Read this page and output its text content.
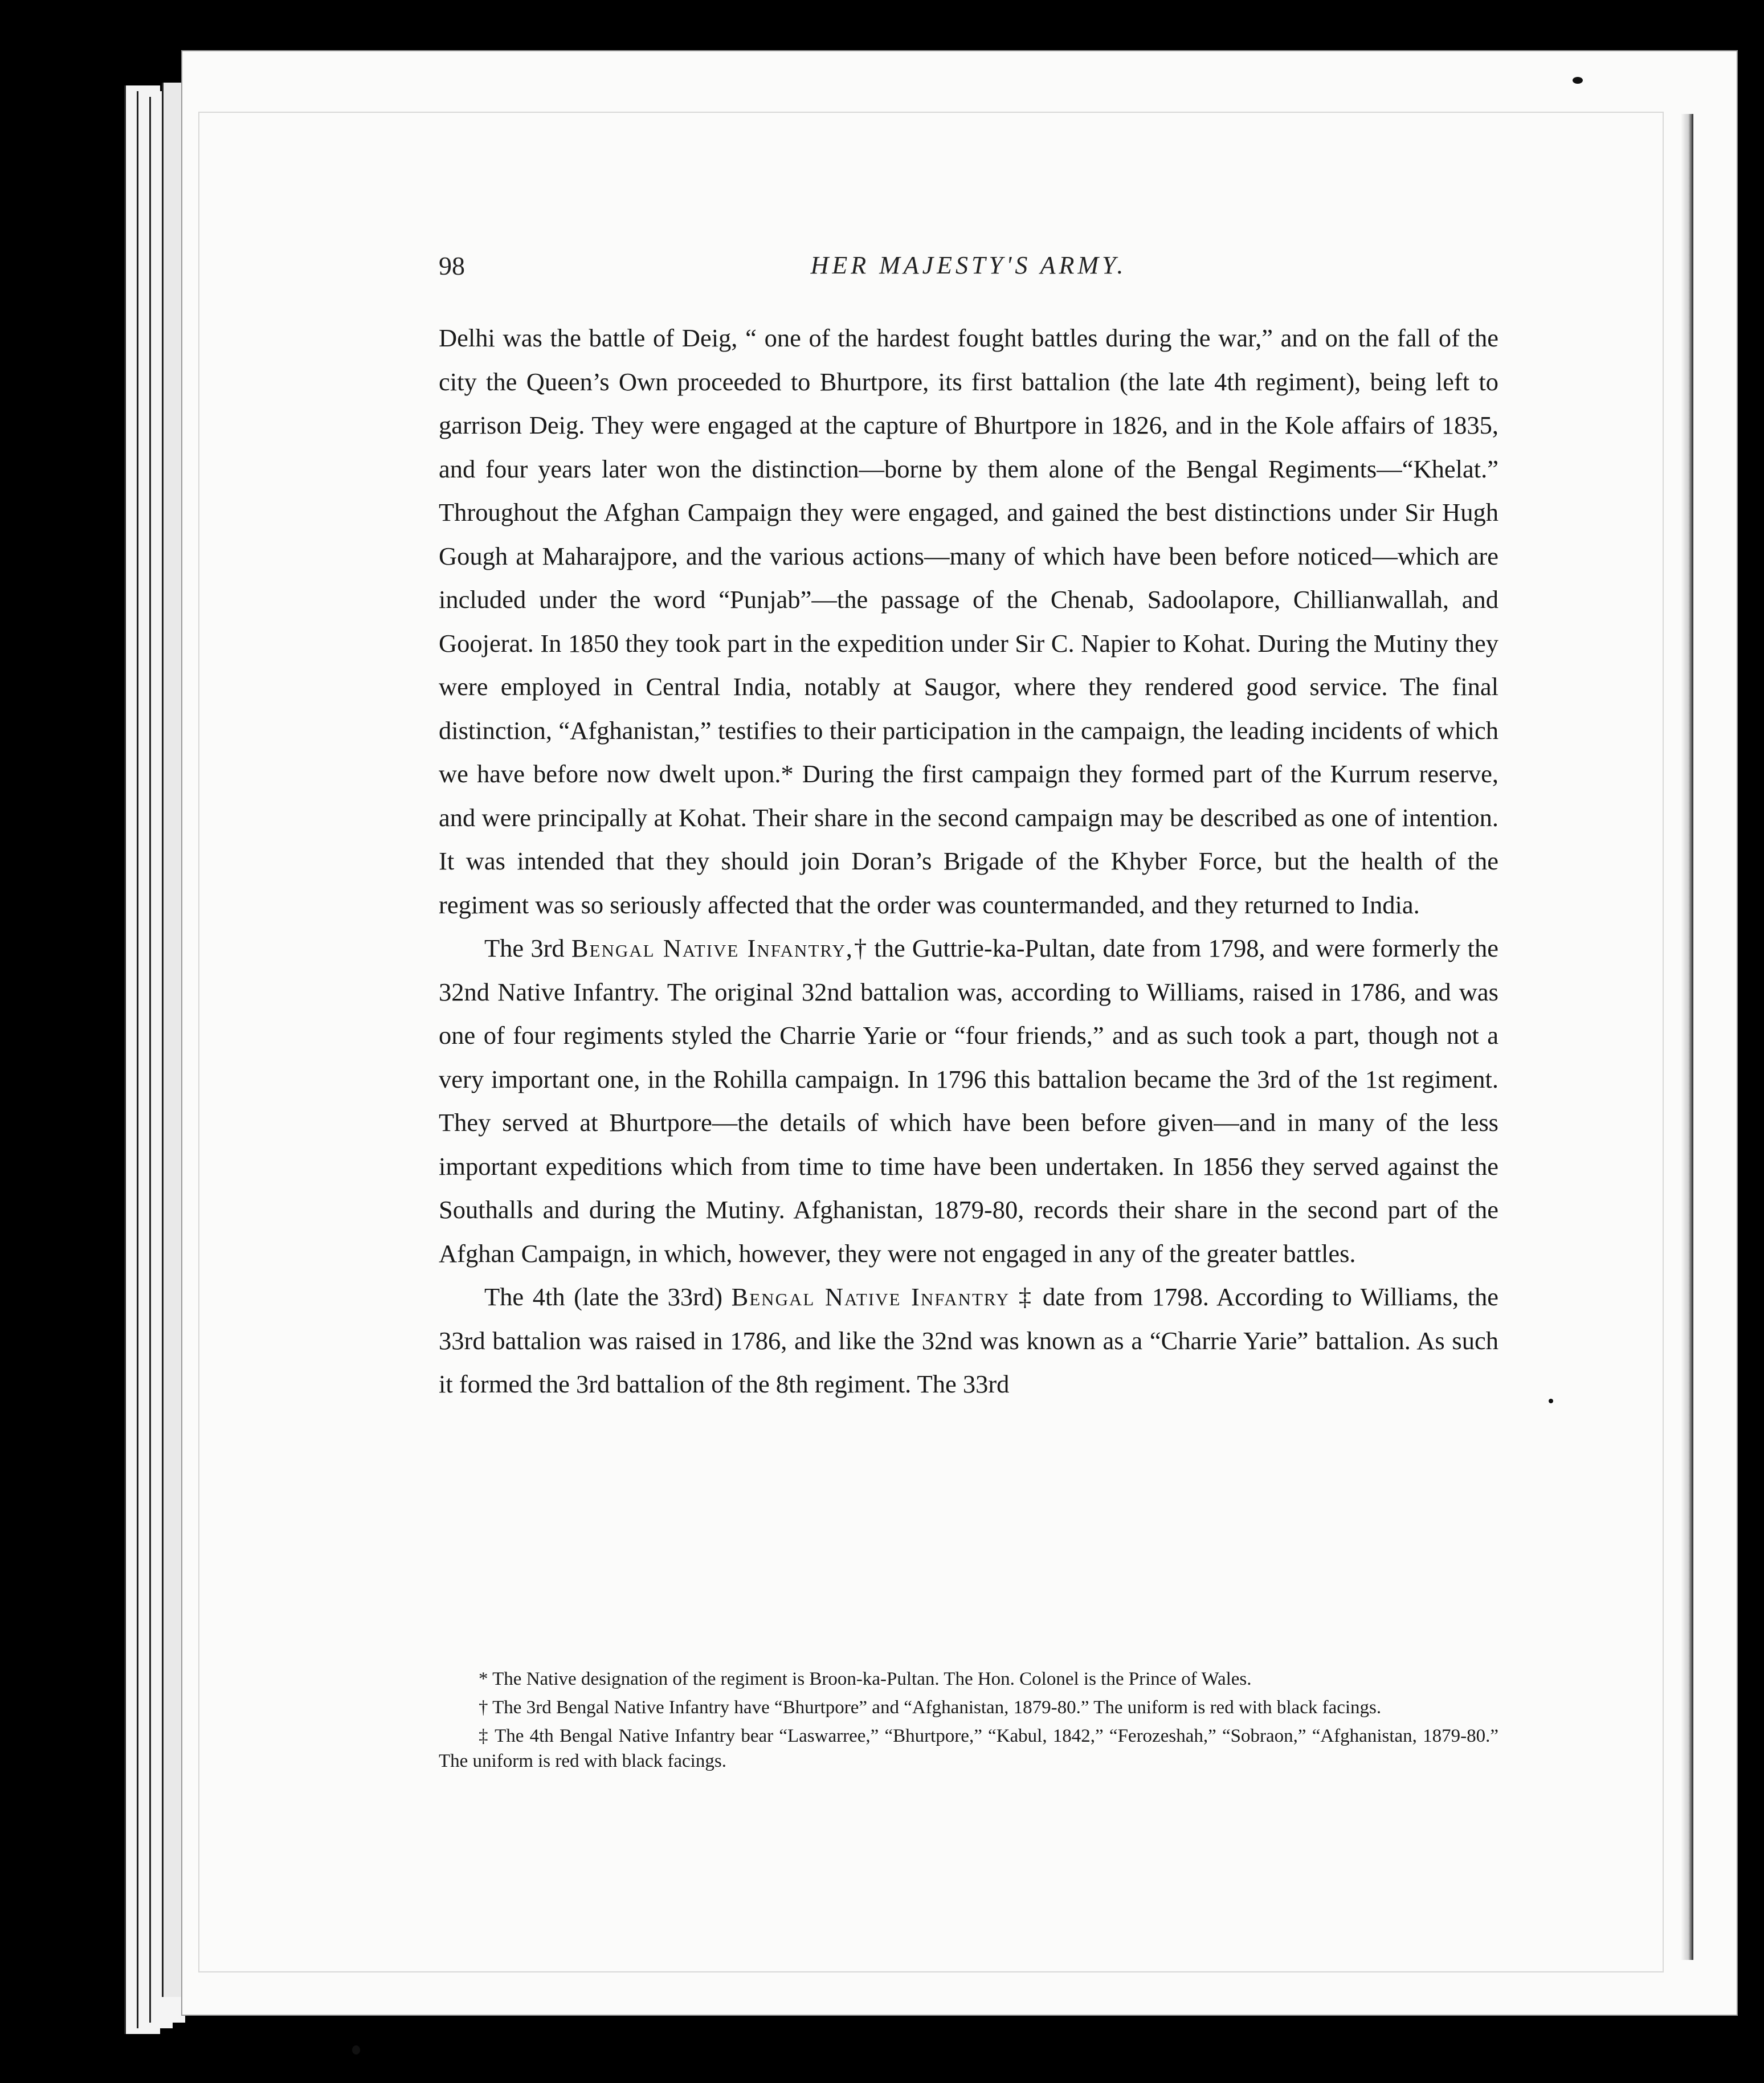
98	HER MAJESTY'S ARMY.

Delhi was the battle of Deig, “ one of the hardest fought battles during the war,” and on the fall of the city the Queen’s Own proceeded to Bhurtpore, its first battalion (the late 4th regiment), being left to garrison Deig. They were engaged at the capture of Bhurtpore in 1826, and in the Kole affairs of 1835, and four years later won the distinction—borne by them alone of the Bengal Regiments—“Khelat.” Throughout the Afghan Campaign they were engaged, and gained the best distinctions under Sir Hugh Gough at Maharajpore, and the various actions—many of which have been before noticed—which are included under the word “Punjab”—the passage of the Chenab, Sadoolapore, Chillianwallah, and Goojerat. In 1850 they took part in the expedition under Sir C. Napier to Kohat. During the Mutiny they were employed in Central India, notably at Saugor, where they rendered good service. The final distinction, “Afghanistan,” testifies to their participation in the campaign, the leading incidents of which we have before now dwelt upon.* During the first campaign they formed part of the Kurrum reserve, and were principally at Kohat. Their share in the second campaign may be described as one of intention. It was intended that they should join Doran’s Brigade of the Khyber Force, but the health of the regiment was so seriously affected that the order was countermanded, and they returned to India.

The 3rd Bengal Native Infantry,† the Guttrie-ka-Pultan, date from 1798, and were formerly the 32nd Native Infantry. The original 32nd battalion was, according to Williams, raised in 1786, and was one of four regiments styled the Charrie Yarie or “four friends,” and as such took a part, though not a very important one, in the Rohilla campaign. In 1796 this battalion became the 3rd of the 1st regiment. They served at Bhurtpore—the details of which have been before given—and in many of the less important expeditions which from time to time have been undertaken. In 1856 they served against the Southalls and during the Mutiny. Afghanistan, 1879-80, records their share in the second part of the Afghan Campaign, in which, however, they were not engaged in any of the greater battles.

The 4th (late the 33rd) Bengal Native Infantry ‡ date from 1798. According to Williams, the 33rd battalion was raised in 1786, and like the 32nd was known as a “Charrie Yarie” battalion. As such it formed the 3rd battalion of the 8th regiment. The 33rd

* The Native designation of the regiment is Broon-ka-Pultan. The Hon. Colonel is the Prince of Wales.

† The 3rd Bengal Native Infantry have “Bhurtpore” and “Afghanistan, 1879-80.” The uniform is red with black facings.

‡ The 4th Bengal Native Infantry bear “Laswarree,” “Bhurtpore,” “Kabul, 1842,” “Ferozeshah,” “Sobraon,” “Afghanistan, 1879-80.” The uniform is red with black facings.
